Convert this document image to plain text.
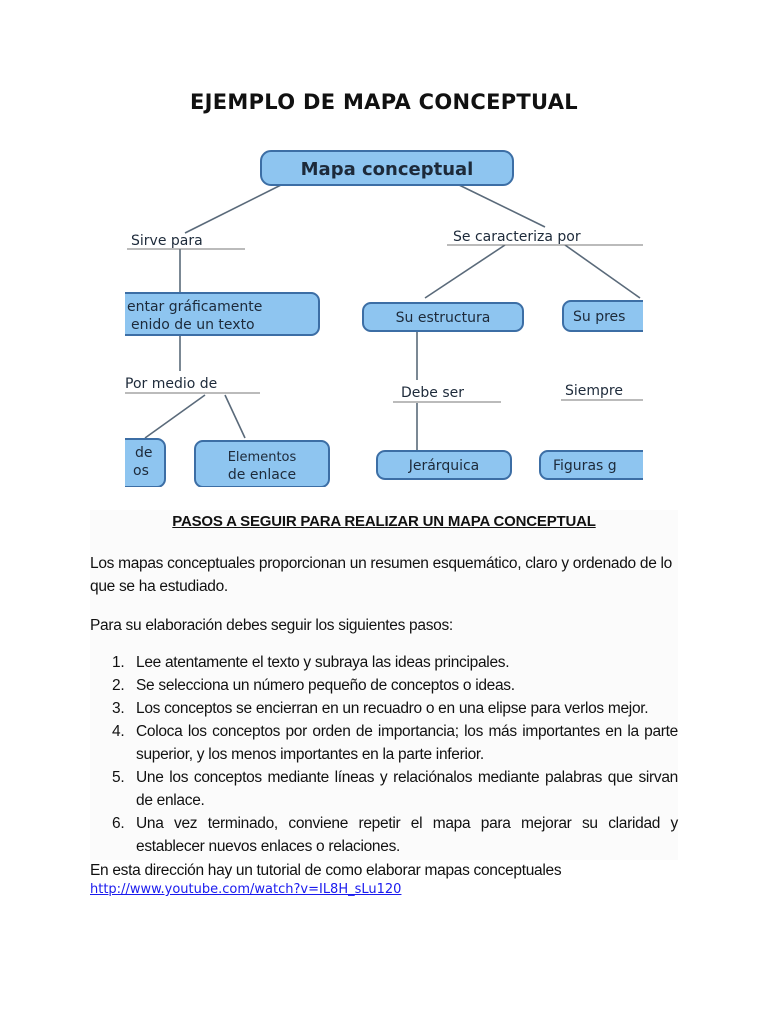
EJEMPLO DE MAPA CONCEPTUAL
Mapa conceptual
Sirve para	Se caracteriza por
entar gráficamente
enido de un texto	Su estructura	Su pres
Por medio de
Debe ser	Siempre
de
os
Elementos
de enlace
Jerárquica	Figuras g

PASOS A SEGUIR PARA REALIZAR UN MAPA CONCEPTUAL

Los mapas conceptuales proporcionan un resumen esquemático, claro y ordenado de lo que se ha estudiado.

Para su elaboración debes seguir los siguientes pasos:

1. Lee atentamente el texto y subraya las ideas principales.
2. Se selecciona un número pequeño de conceptos o ideas.
3. Los conceptos se encierran en un recuadro o en una elipse para verlos mejor.
4. Coloca los conceptos por orden de importancia; los más importantes en la parte superior, y los menos importantes en la parte inferior.
5. Une los conceptos mediante líneas y relaciónalos mediante palabras que sirvan de enlace.
6. Una vez terminado, conviene repetir el mapa para mejorar su claridad y establecer nuevos enlaces o relaciones.

En esta dirección hay un tutorial de como elaborar mapas conceptuales

http://www.youtube.com/watch?v=IL8H_sLu120
